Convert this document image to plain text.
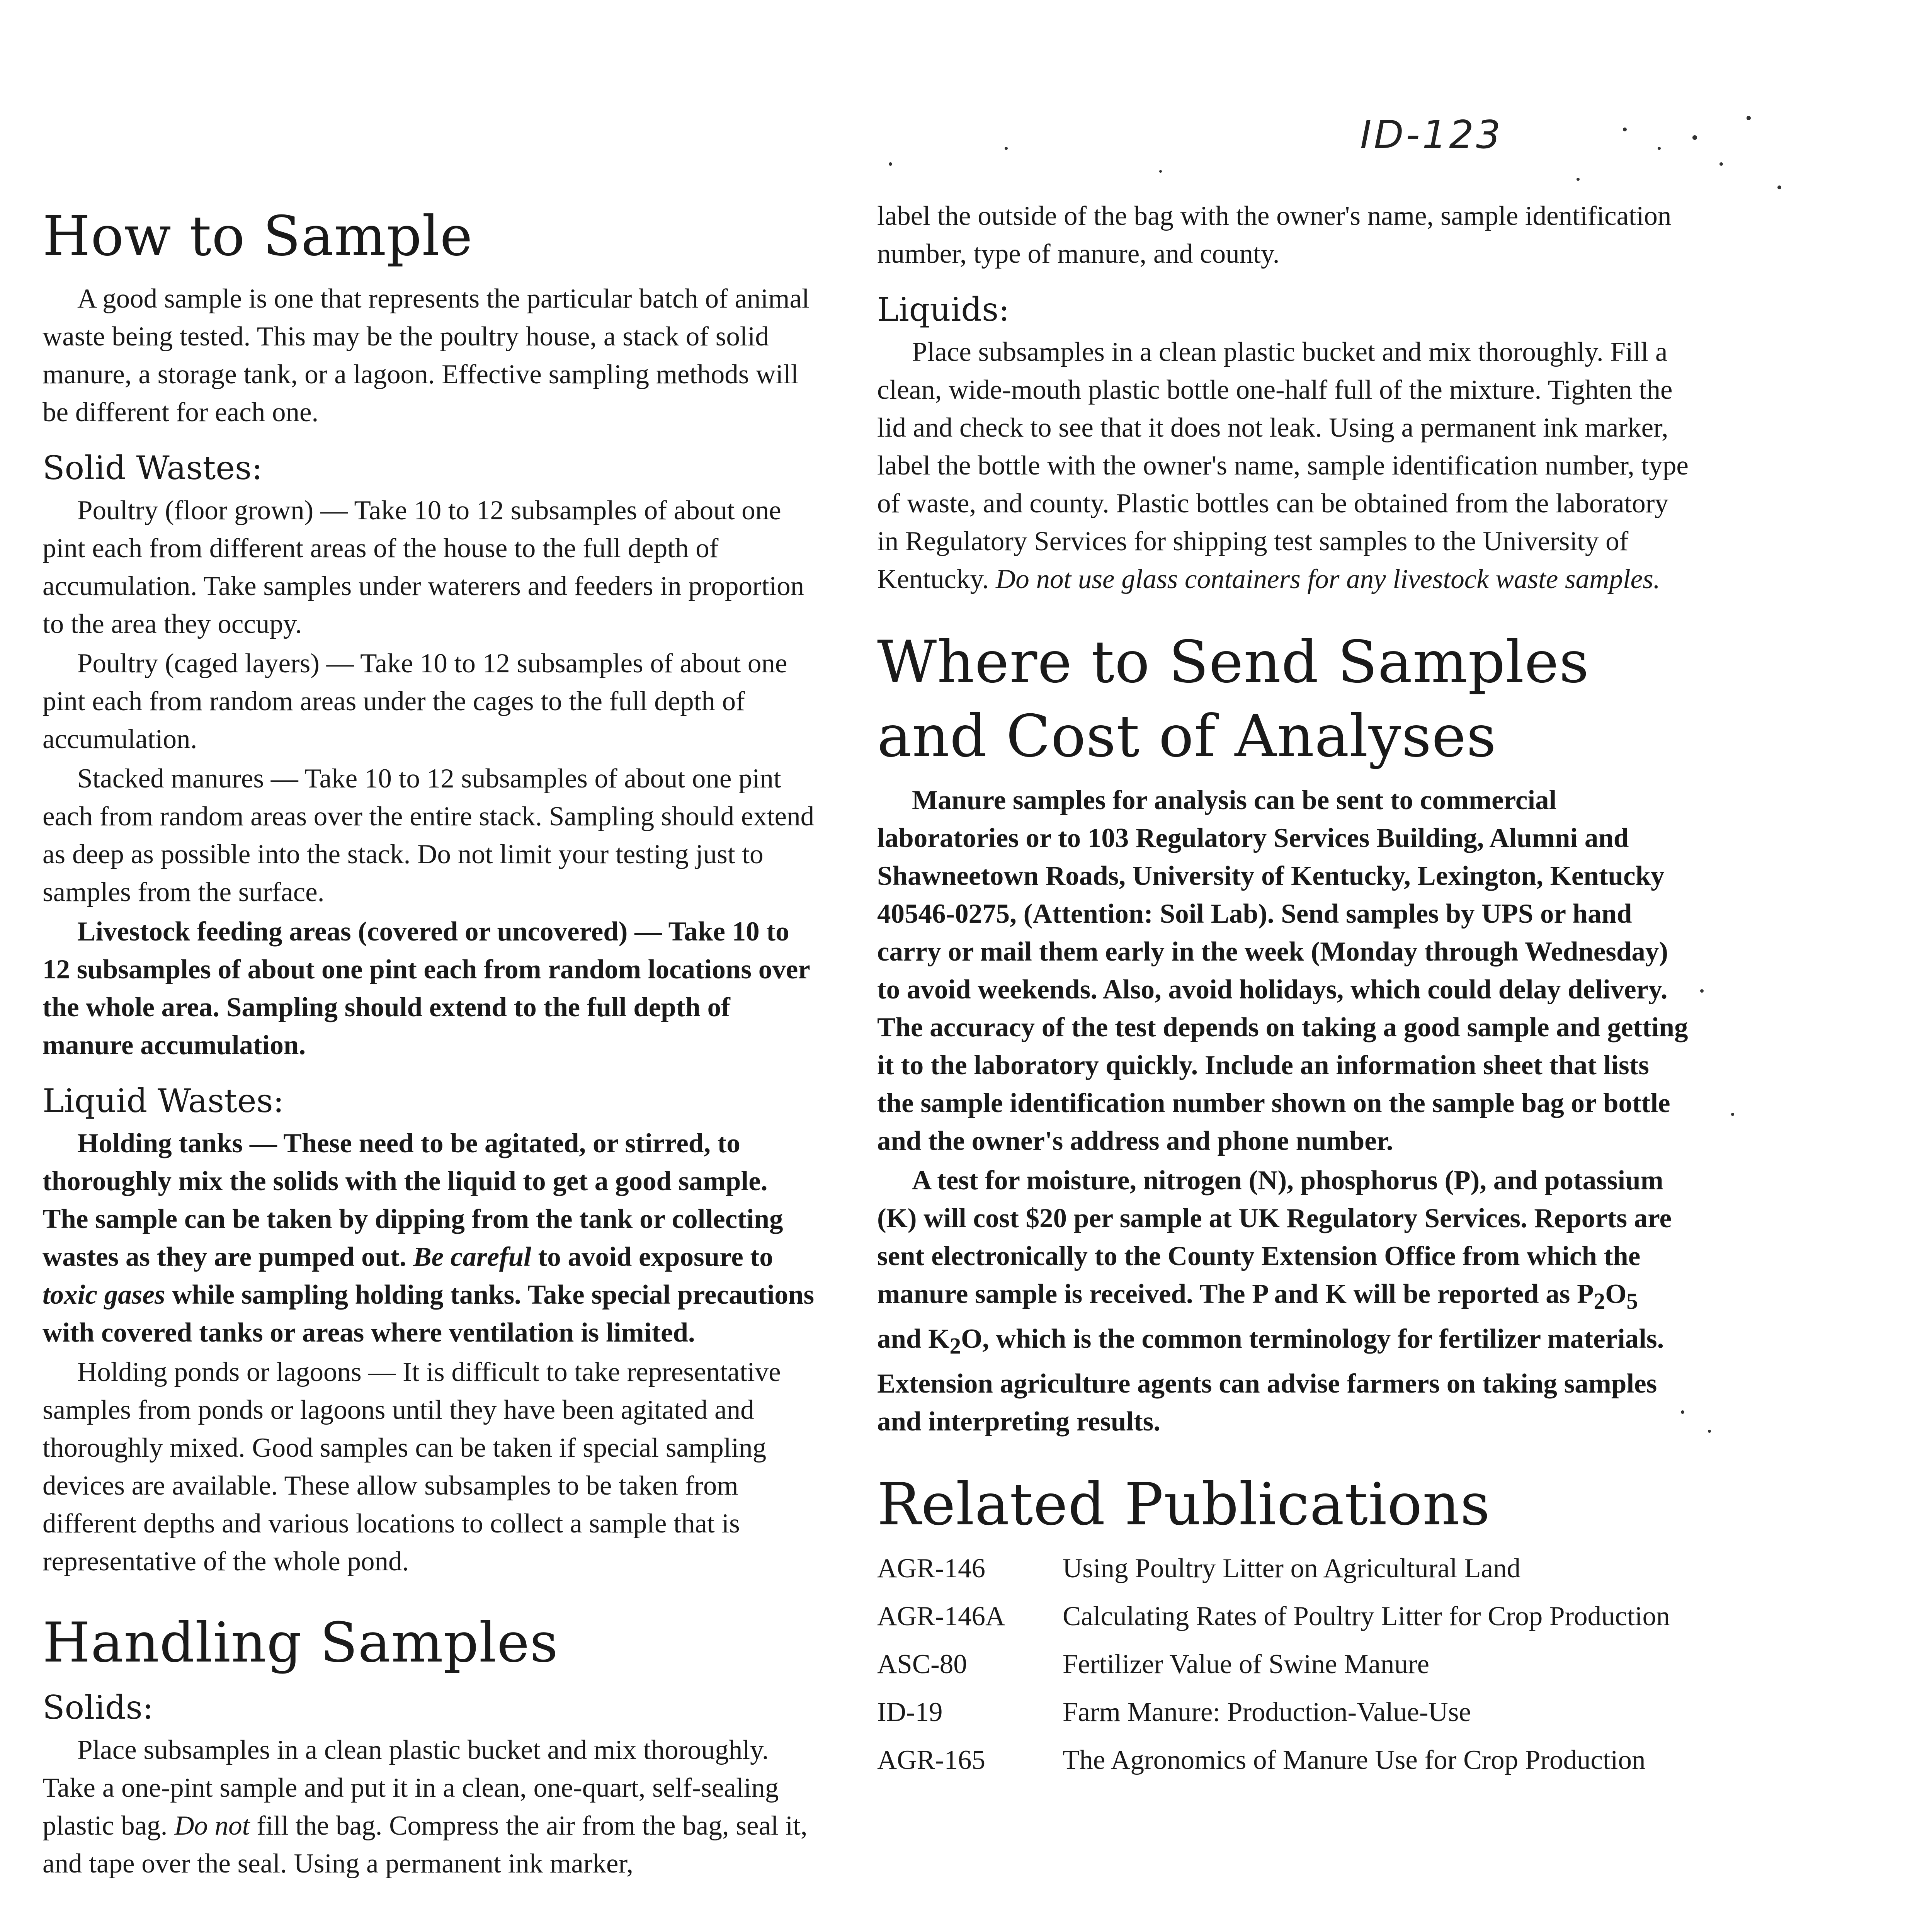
ID-123
How to Sample

A good sample is one that represents the particular batch of animal waste being tested. This may be the poultry house, a stack of solid manure, a storage tank, or a lagoon. Effective sampling methods will be different for each one.

Solid Wastes:

Poultry (floor grown) — Take 10 to 12 subsamples of about one pint each from different areas of the house to the full depth of accumulation. Take samples under waterers and feeders in proportion to the area they occupy.

Poultry (caged layers) — Take 10 to 12 subsamples of about one pint each from random areas under the cages to the full depth of accumulation.

Stacked manures — Take 10 to 12 subsamples of about one pint each from random areas over the entire stack. Sampling should extend as deep as possible into the stack. Do not limit your testing just to samples from the surface.

Livestock feeding areas (covered or uncovered) — Take 10 to 12 subsamples of about one pint each from random locations over the whole area. Sampling should extend to the full depth of manure accumulation.

Liquid Wastes:

Holding tanks — These need to be agitated, or stirred, to thoroughly mix the solids with the liquid to get a good sample. The sample can be taken by dipping from the tank or collecting wastes as they are pumped out. Be careful to avoid exposure to toxic gases while sampling holding tanks. Take special precautions with covered tanks or areas where ventilation is limited.

Holding ponds or lagoons — It is difficult to take representative samples from ponds or lagoons until they have been agitated and thoroughly mixed. Good samples can be taken if special sampling devices are available. These allow subsamples to be taken from different depths and various locations to collect a sample that is representative of the whole pond.

Handling Samples
Solids:

Place subsamples in a clean plastic bucket and mix thoroughly. Take a one-pint sample and put it in a clean, one-quart, self-sealing plastic bag. Do not fill the bag. Compress the air from the bag, seal it, and tape over the seal. Using a permanent ink marker,

label the outside of the bag with the owner's name, sample identification number, type of manure, and county.

Liquids:

Place subsamples in a clean plastic bucket and mix thoroughly. Fill a clean, wide-mouth plastic bottle one-half full of the mixture. Tighten the lid and check to see that it does not leak. Using a permanent ink marker, label the bottle with the owner's name, sample identification number, type of waste, and county. Plastic bottles can be obtained from the laboratory in Regulatory Services for shipping test samples to the University of Kentucky. Do not use glass containers for any livestock waste samples.

Where to Send Samples and Cost of Analyses

Manure samples for analysis can be sent to commercial laboratories or to 103 Regulatory Services Building, Alumni and Shawneetown Roads, University of Kentucky, Lexington, Kentucky 40546-0275, (Attention: Soil Lab). Send samples by UPS or hand carry or mail them early in the week (Monday through Wednesday) to avoid weekends. Also, avoid holidays, which could delay delivery. The accuracy of the test depends on taking a good sample and getting it to the laboratory quickly. Include an information sheet that lists the sample identification number shown on the sample bag or bottle and the owner's address and phone number.

A test for moisture, nitrogen (N), phosphorus (P), and potassium (K) will cost $20 per sample at UK Regulatory Services. Reports are sent electronically to the County Extension Office from which the manure sample is received. The P and K will be reported as $P_2O_5$ and $K_2O$, which is the common terminology for fertilizer materials. Extension agriculture agents can advise farmers on taking samples and interpreting results.

Related Publications
AGR-146	Using Poultry Litter on Agricultural Land
AGR-146A	Calculating Rates of Poultry Litter for Crop Production
ASC-80	Fertilizer Value of Swine Manure
ID-19	Farm Manure: Production-Value-Use
AGR-165	The Agronomics of Manure Use for Crop Production
